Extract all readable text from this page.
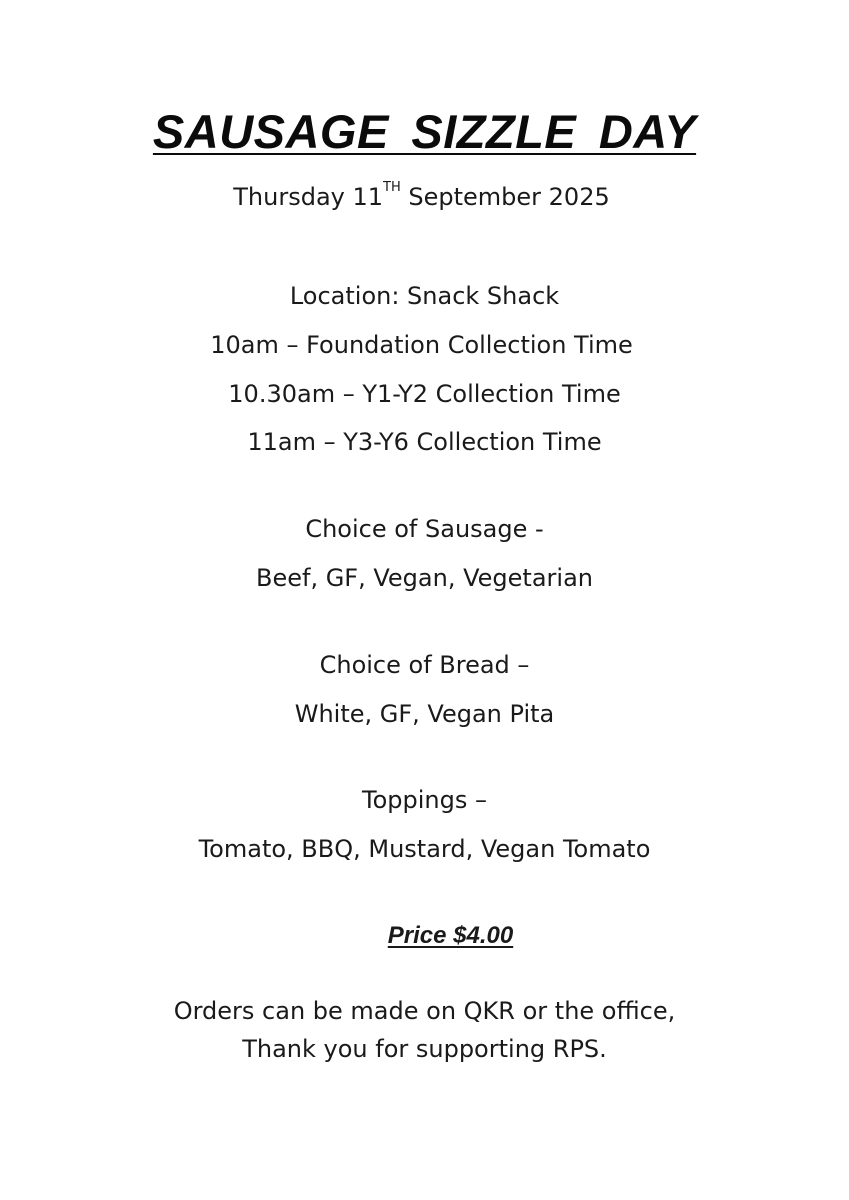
SAUSAGE SIZZLE DAY
Thursday 11TH September 2025
Location: Snack Shack
10am – Foundation Collection Time
10.30am – Y1-Y2 Collection Time
11am – Y3-Y6 Collection Time
Choice of Sausage -
Beef, GF, Vegan, Vegetarian
Choice of Bread –
White, GF, Vegan Pita
Toppings –
Tomato, BBQ, Mustard, Vegan Tomato
Price $4.00
Orders can be made on QKR or the office,
Thank you for supporting RPS.
